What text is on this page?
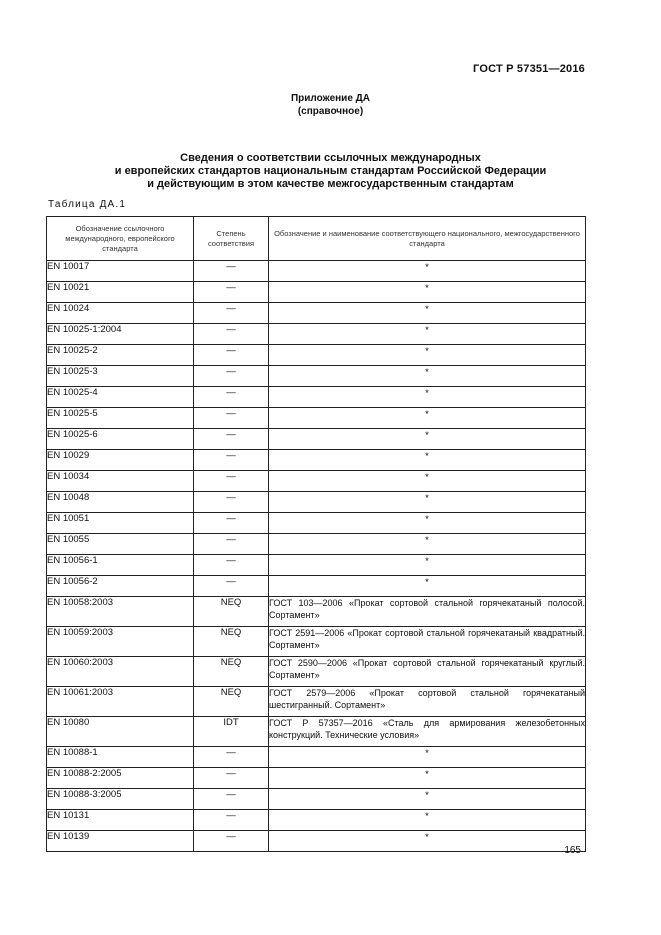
ГОСТ Р 57351—2016
Приложение ДА
(справочное)
Сведения о соответствии ссылочных международных
и европейских стандартов национальным стандартам Российской Федерации
и действующим в этом качестве межгосударственным стандартам
Таблица ДА.1
Обозначение ссылочного международного, европейского стандарта	Степень соответствия	Обозначение и наименование соответствующего национального, межгосударственного стандарта
EN 10017	—	*
EN 10021	—	*
EN 10024	—	*
EN 10025-1:2004	—	*
EN 10025-2	—	*
EN 10025-3	—	*
EN 10025-4	—	*
EN 10025-5	—	*
EN 10025-6	—	*
EN 10029	—	*
EN 10034	—	*
EN 10048	—	*
EN 10051	—	*
EN 10055	—	*
EN 10056-1	—	*
EN 10056-2	—	*
EN 10058:2003	NEQ	ГОСТ 103—2006 «Прокат сортовой стальной горячекатаный полосой. Сортамент»
EN 10059:2003	NEQ	ГОСТ 2591—2006 «Прокат сортовой стальной горячекатаный квадратный. Сортамент»
EN 10060:2003	NEQ	ГОСТ 2590—2006 «Прокат сортовой стальной горячекатаный круглый. Сортамент»
EN 10061:2003	NEQ	ГОСТ 2579—2006 «Прокат сортовой стальной горячекатаный шестигранный. Сортамент»
EN 10080	IDT	ГОСТ Р 57357—2016 «Сталь для армирования железобетонных конструкций. Технические условия»
EN 10088-1	—	*
EN 10088-2:2005	—	*
EN 10088-3:2005	—	*
EN 10131	—	*
EN 10139	—	*
165
